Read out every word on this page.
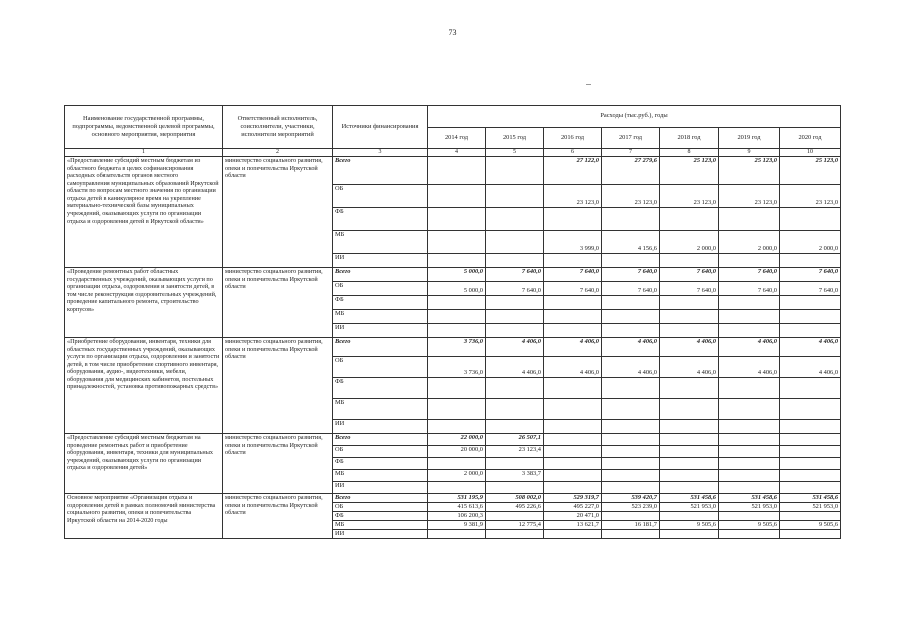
73
Наименование государственной программы, подпрограммы, ведомственной целевой программы, основного мероприятия, мероприятия	Ответственный исполнитель, соисполнители, участники, исполнители мероприятий	Источники финансирования	Расходы (тыс.руб.), годы						
			2014 год	2015 год	2016 год	2017 год	2018 год	2019 год	2020 год
1	2	3	4	5	6	7	8	9	10
«Предоставление субсидий местным бюджетам из областного бюджета в целях софинансирования расходных обязательств органов местного самоуправления муниципальных образований Иркутской области по вопросам местного значения по организации отдыха детей в каникулярное время на укрепление материально-технической базы муниципальных учреждений, оказывающих услуги по организации отдыха и оздоровления детей в Иркутской области»	министерство социального развития, опеки и попечительства Иркутской области	Всего			27 122,0	27 279,6	25 123,0	25 123,0	25 123,0
		ОБ			23 123,0	23 123,0	23 123,0	23 123,0	23 123,0
		ФБ							
		МБ			3 999,0	4 156,6	2 000,0	2 000,0	2 000,0
		ИИ							
«Проведение ремонтных работ областных государственных учреждений, оказывающих услуги по организации отдыха, оздоровления и занятости детей, в том числе реконструкция оздоровительных учреждений, проведение капитального ремонта, строительство корпусов»	министерство социального развития, опеки и попечительства Иркутской области	Всего	5 000,0	7 640,0	7 640,0	7 640,0	7 640,0	7 640,0	7 640,0
		ОБ	5 000,0	7 640,0	7 640,0	7 640,0	7 640,0	7 640,0	7 640,0
		ФБ							
		МБ							
		ИИ							
«Приобретение оборудования, инвентаря, техники для областных государственных учреждений, оказывающих услуги по организации отдыха, оздоровления и занятости детей, в том числе приобретение спортивного инвентаря, оборудования, аудио-, видеотехники, мебели, оборудования для медицинских кабинетов, постельных принадлежностей, установка противопожарных средств»	министерство социального развития, опеки и попечительства Иркутской области	Всего	3 736,0	4 406,0	4 406,0	4 406,0	4 406,0	4 406,0	4 406,0
		ОБ	3 736,0	4 406,0	4 406,0	4 406,0	4 406,0	4 406,0	4 406,0
		ФБ							
		МБ							
		ИИ							
«Предоставление субсидий местным бюджетам на проведение ремонтных работ и приобретение оборудования, инвентаря, техники для муниципальных учреждений, оказывающих услуги по организации отдыха и оздоровления детей»	министерство социального развития, опеки и попечительства Иркутской области	Всего	22 000,0	26 507,1					
		ОБ	20 000,0	23 123,4					
		ФБ							
		МБ	2 000,0	3 383,7					
		ИИ							
Основное мероприятие «Организация отдыха и оздоровления детей в рамках полномочий министерства социального развития, опеки и попечительства Иркутской области на 2014-2020 годы	министерство социального развития, опеки и попечительства Иркутской области	Всего	531 195,9	508 002,0	529 319,7	539 420,7	531 458,6	531 458,6	531 458,6
		ОБ	415 613,6	495 226,6	495 227,0	523 239,0	521 953,0	521 953,0	521 953,0
		ФБ	106 200,3		20 471,0				
		МБ	9 381,9	12 775,4	13 621,7	16 181,7	9 505,6	9 505,6	9 505,6
		ИИ							
